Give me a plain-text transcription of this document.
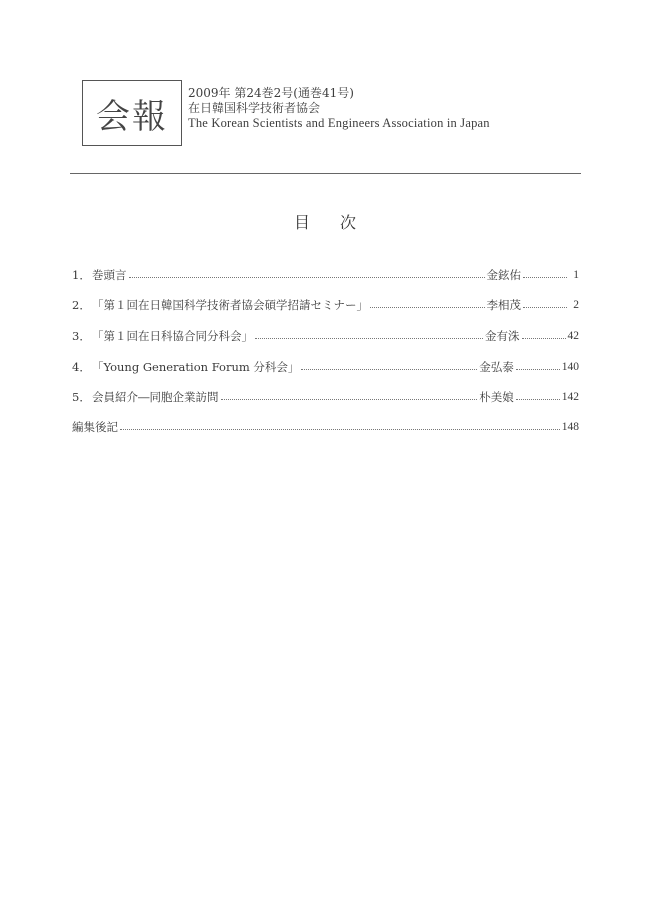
会報
2009年 第24巻2号(通巻41号)
在日韓国科学技術者協会
The Korean Scientists and Engineers Association in Japan
目次
1． 巻頭言	金鉉佑	1
2． 「第１回在日韓国科学技術者協会碩学招請セミナー」	李相茂	2
3． 「第１回在日科協合同分科会」	金有洙	42
4． 「Young Generation Forum 分科会」	金弘泰	140
5． 会員紹介―同胞企業訪問	朴美娘	142
編集後記	148
